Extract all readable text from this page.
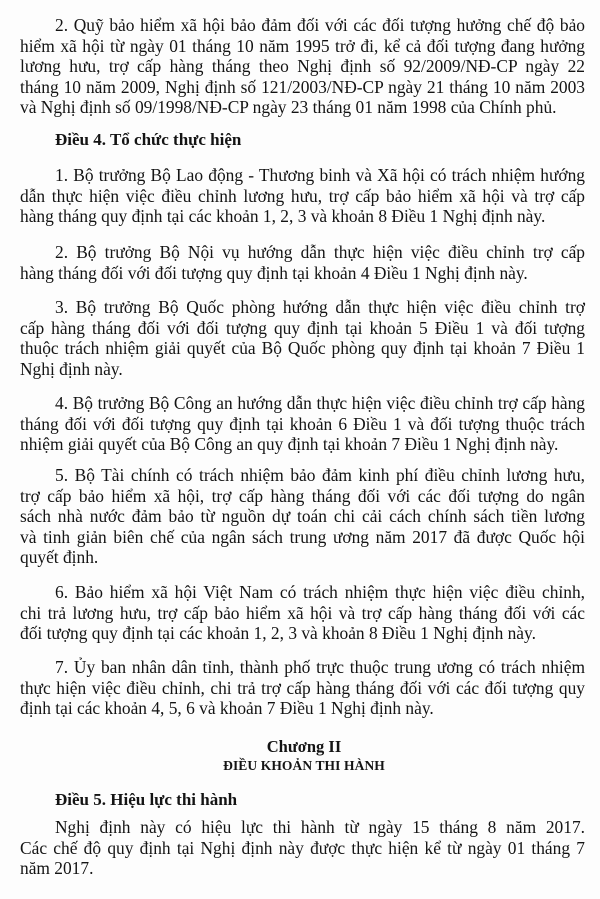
2. Quỹ bảo hiểm xã hội bảo đảm đối với các đối tượng hưởng chế độ bảo
hiểm xã hội từ ngày 01 tháng 10 năm 1995 trở đi, kể cả đối tượng đang hưởng
lương hưu, trợ cấp hàng tháng theo Nghị định số 92/2009/NĐ-CP ngày 22
tháng 10 năm 2009, Nghị định số 121/2003/NĐ-CP ngày 21 tháng 10 năm 2003
và Nghị định số 09/1998/NĐ-CP ngày 23 tháng 01 năm 1998 của Chính phủ.
Điều 4. Tổ chức thực hiện
1. Bộ trưởng Bộ Lao động - Thương binh và Xã hội có trách nhiệm hướng
dẫn thực hiện việc điều chỉnh lương hưu, trợ cấp bảo hiểm xã hội và trợ cấp
hàng tháng quy định tại các khoản 1, 2, 3 và khoản 8 Điều 1 Nghị định này.
2. Bộ trưởng Bộ Nội vụ hướng dẫn thực hiện việc điều chỉnh trợ cấp
hàng tháng đối với đối tượng quy định tại khoản 4 Điều 1 Nghị định này.
3. Bộ trưởng Bộ Quốc phòng hướng dẫn thực hiện việc điều chỉnh trợ
cấp hàng tháng đối với đối tượng quy định tại khoản 5 Điều 1 và đối tượng
thuộc trách nhiệm giải quyết của Bộ Quốc phòng quy định tại khoản 7 Điều 1
Nghị định này.
4. Bộ trưởng Bộ Công an hướng dẫn thực hiện việc điều chỉnh trợ cấp hàng
tháng đối với đối tượng quy định tại khoản 6 Điều 1 và đối tượng thuộc trách
nhiệm giải quyết của Bộ Công an quy định tại khoản 7 Điều 1 Nghị định này.
5. Bộ Tài chính có trách nhiệm bảo đảm kinh phí điều chỉnh lương hưu,
trợ cấp bảo hiểm xã hội, trợ cấp hàng tháng đối với các đối tượng do ngân
sách nhà nước đảm bảo từ nguồn dự toán chi cải cách chính sách tiền lương
và tinh giản biên chế của ngân sách trung ương năm 2017 đã được Quốc hội
quyết định.
6. Bảo hiểm xã hội Việt Nam có trách nhiệm thực hiện việc điều chỉnh,
chi trả lương hưu, trợ cấp bảo hiểm xã hội và trợ cấp hàng tháng đối với các
đối tượng quy định tại các khoản 1, 2, 3 và khoản 8 Điều 1 Nghị định này.
7. Ủy ban nhân dân tỉnh, thành phố trực thuộc trung ương có trách nhiệm
thực hiện việc điều chỉnh, chi trả trợ cấp hàng tháng đối với các đối tượng quy
định tại các khoản 4, 5, 6 và khoản 7 Điều 1 Nghị định này.
Chương II
ĐIỀU KHOẢN THI HÀNH
Điều 5. Hiệu lực thi hành
Nghị định này có hiệu lực thi hành từ ngày 15 tháng 8 năm 2017.
Các chế độ quy định tại Nghị định này được thực hiện kể từ ngày 01 tháng 7
năm 2017.
